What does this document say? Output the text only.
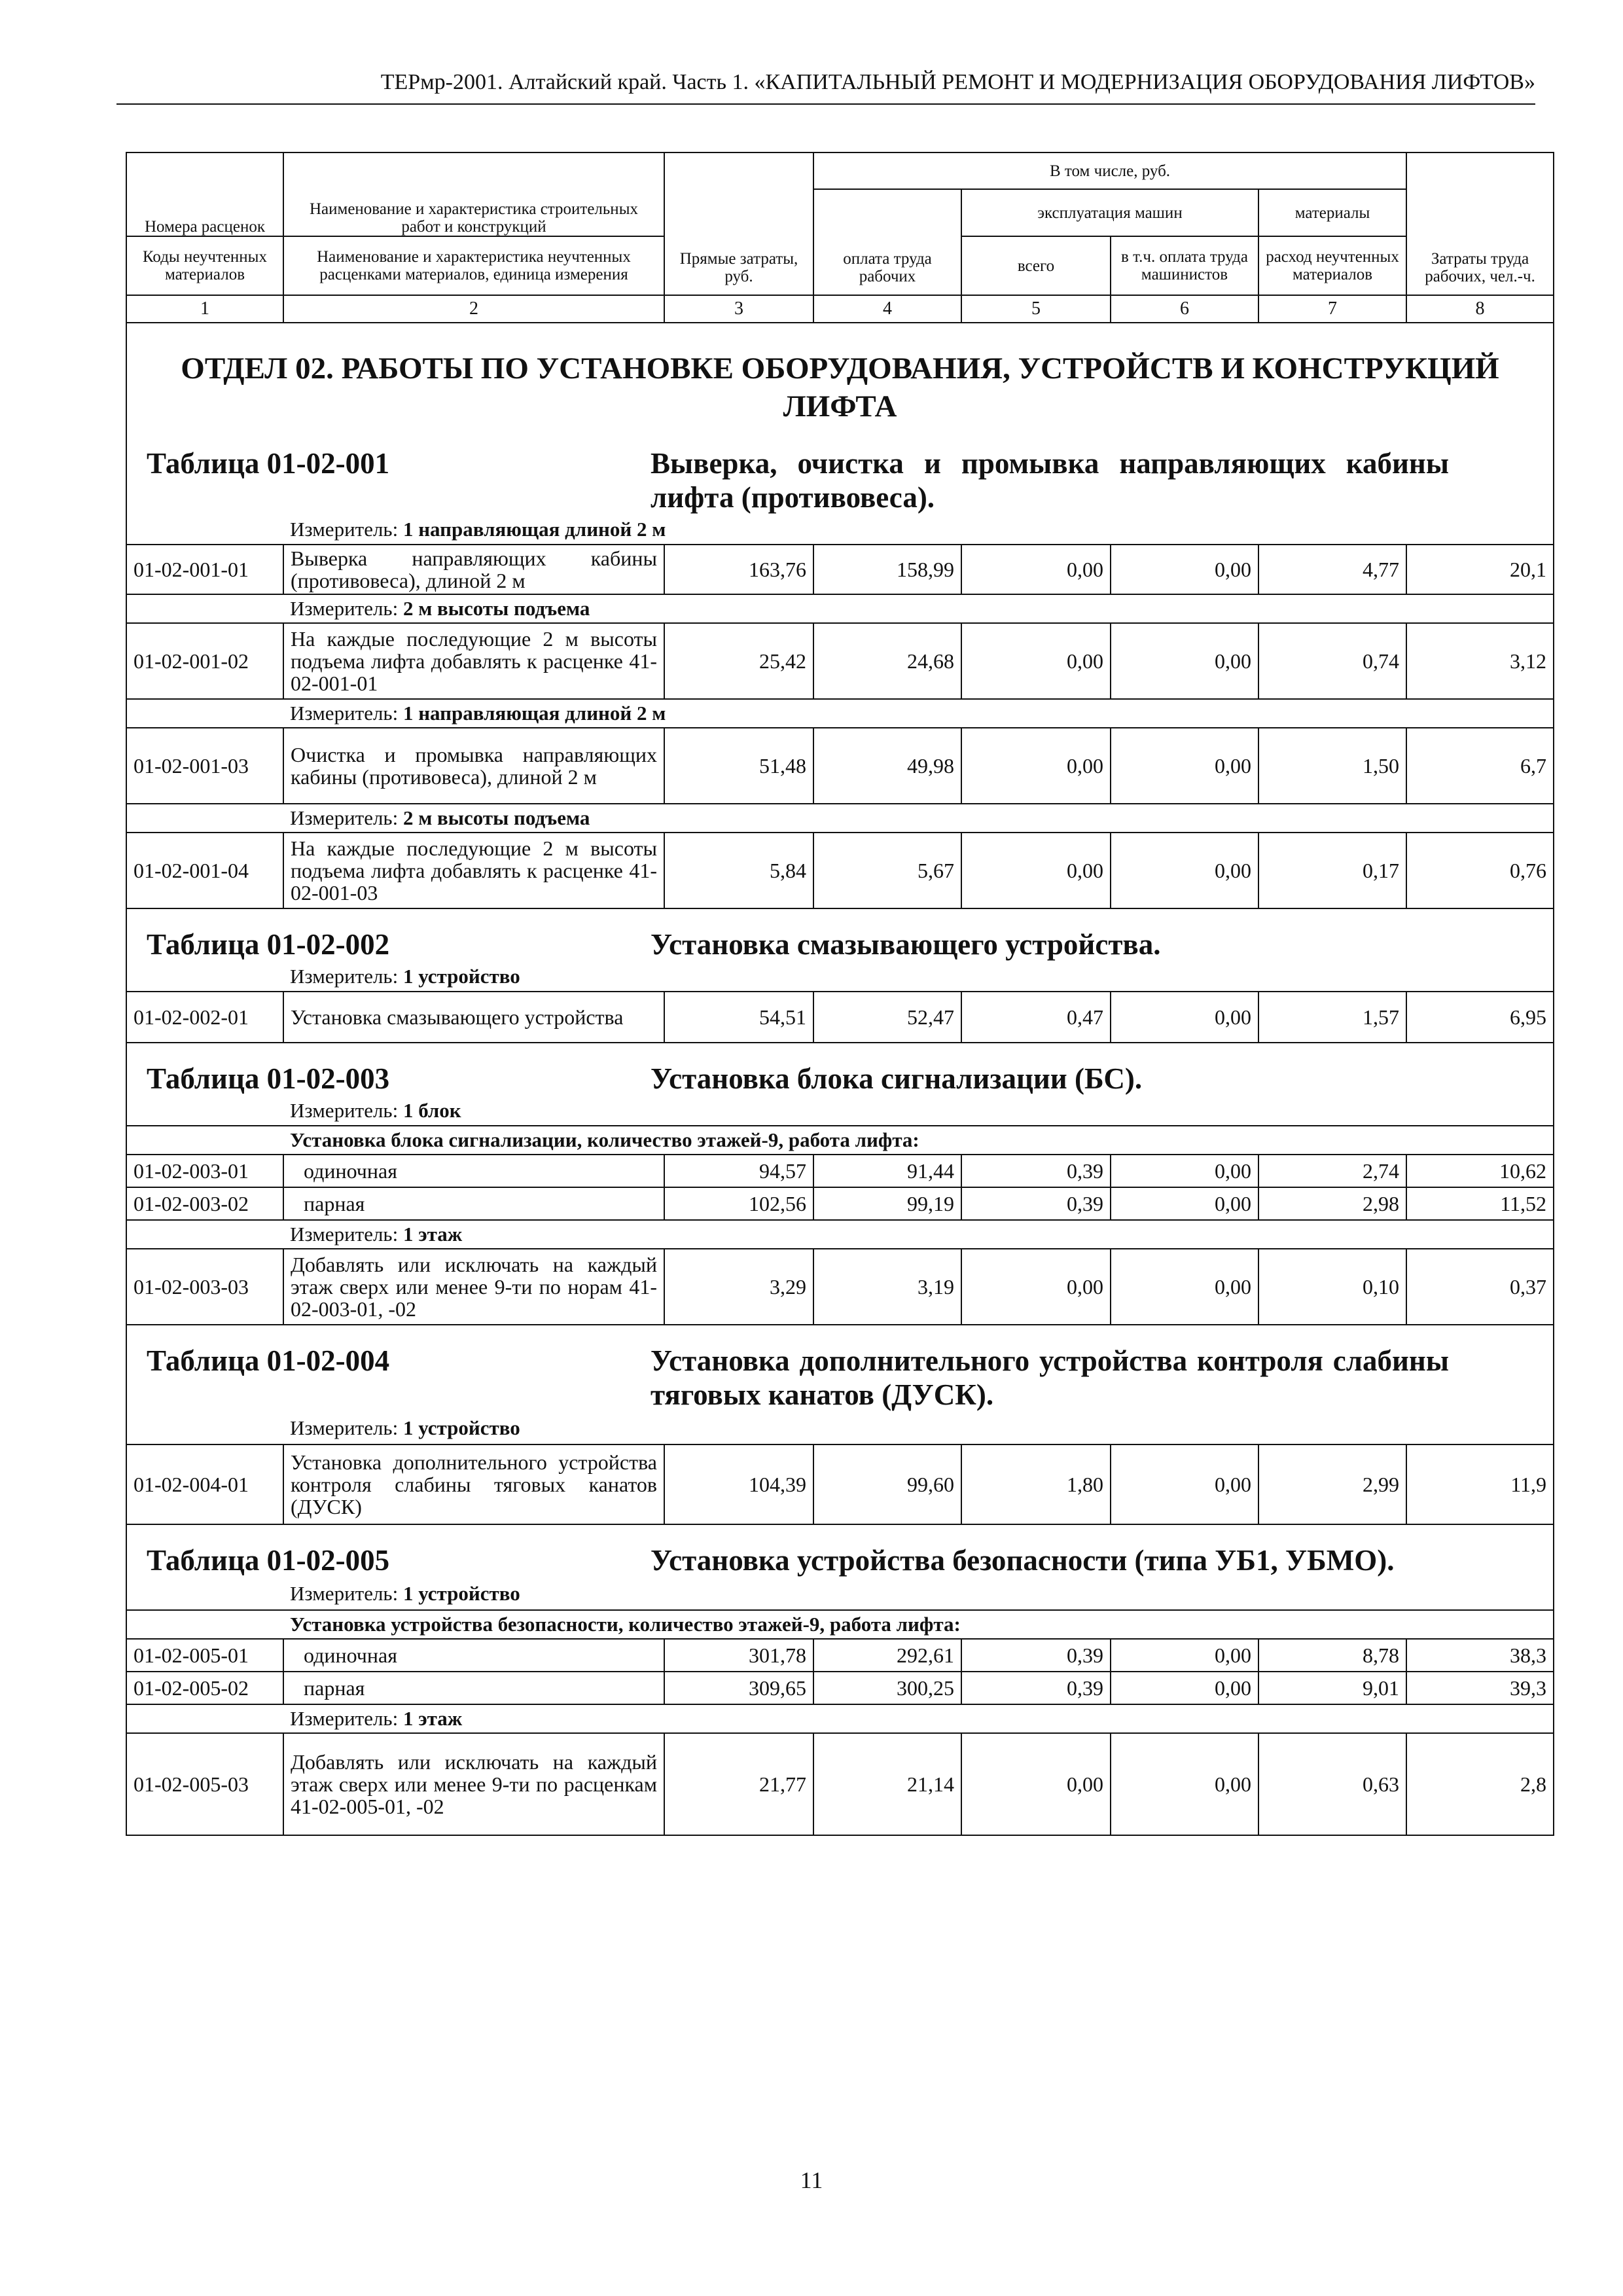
ТЕРмр-2001. Алтайский край. Часть 1. «КАПИТАЛЬНЫЙ РЕМОНТ И МОДЕРНИЗАЦИЯ ОБОРУДОВАНИЯ ЛИФТОВ»
Номера расценок	Наименование и характеристика строительных работ и конструкций	Прямые затраты, руб.	В том числе, руб.				Затраты труда рабочих, чел.-ч.
			оплата труда рабочих	эксплуатация машин		материалы	
Коды неучтенных материалов	Наименование и характеристика неучтенных расценками материалов, единица измерения			всего	в т.ч. оплата труда машинистов	расход неучтенных материалов	
1	2	3	4	5	6	7	8

ОТДЕЛ 02. РАБОТЫ ПО УСТАНОВКЕ ОБОРУДОВАНИЯ, УСТРОЙСТВ И КОНСТРУКЦИЙ ЛИФТА							

Таблица 01-02-001 Выверка, очистка и промывка направляющих кабины лифта (противовеса).							

	Измеритель: 1 направляющая длиной 2 м						
01-02-001-01	Выверка направляющих кабины (противовеса), длиной 2 м	163,76	158,99	0,00	0,00	4,77	20,1
	Измеритель: 2 м высоты подъема						
01-02-001-02	На каждые последующие 2 м высоты подъема лифта добавлять к расценке 41-02-001-01	25,42	24,68	0,00	0,00	0,74	3,12
	Измеритель: 1 направляющая длиной 2 м						
01-02-001-03	Очистка и промывка направляющих кабины (противовеса), длиной 2 м	51,48	49,98	0,00	0,00	1,50	6,7
	Измеритель: 2 м высоты подъема						
01-02-001-04	На каждые последующие 2 м высоты подъема лифта добавлять к расценке 41-02-001-03	5,84	5,67	0,00	0,00	0,17	0,76

Таблица 01-02-002 Установка смазывающего устройства.							

	Измеритель: 1 устройство						
01-02-002-01	Установка смазывающего устройства	54,51	52,47	0,47	0,00	1,57	6,95

Таблица 01-02-003 Установка блока сигнализации (БС).							

	Измеритель: 1 блок						
	Установка блока сигнализации, количество этажей-9, работа лифта:						
01-02-003-01	одиночная	94,57	91,44	0,39	0,00	2,74	10,62
01-02-003-02	парная	102,56	99,19	0,39	0,00	2,98	11,52
	Измеритель: 1 этаж						
01-02-003-03	Добавлять или исключать на каждый этаж сверх или менее 9-ти по норам 41-02-003-01, -02	3,29	3,19	0,00	0,00	0,10	0,37

Таблица 01-02-004 Установка дополнительного устройства контроля слабины тяговых канатов (ДУСК).							

	Измеритель: 1 устройство						
01-02-004-01	Установка дополнительного устройства контроля слабины тяговых канатов (ДУСК)	104,39	99,60	1,80	0,00	2,99	11,9

Таблица 01-02-005 Установка устройства безопасности (типа УБ1, УБМО).							

	Измеритель: 1 устройство						
	Установка устройства безопасности, количество этажей-9, работа лифта:						
01-02-005-01	одиночная	301,78	292,61	0,39	0,00	8,78	38,3
01-02-005-02	парная	309,65	300,25	0,39	0,00	9,01	39,3
	Измеритель: 1 этаж						
01-02-005-03	Добавлять или исключать на каждый этаж сверх или менее 9-ти по расценкам 41-02-005-01, -02	21,77	21,14	0,00	0,00	0,63	2,8
11
